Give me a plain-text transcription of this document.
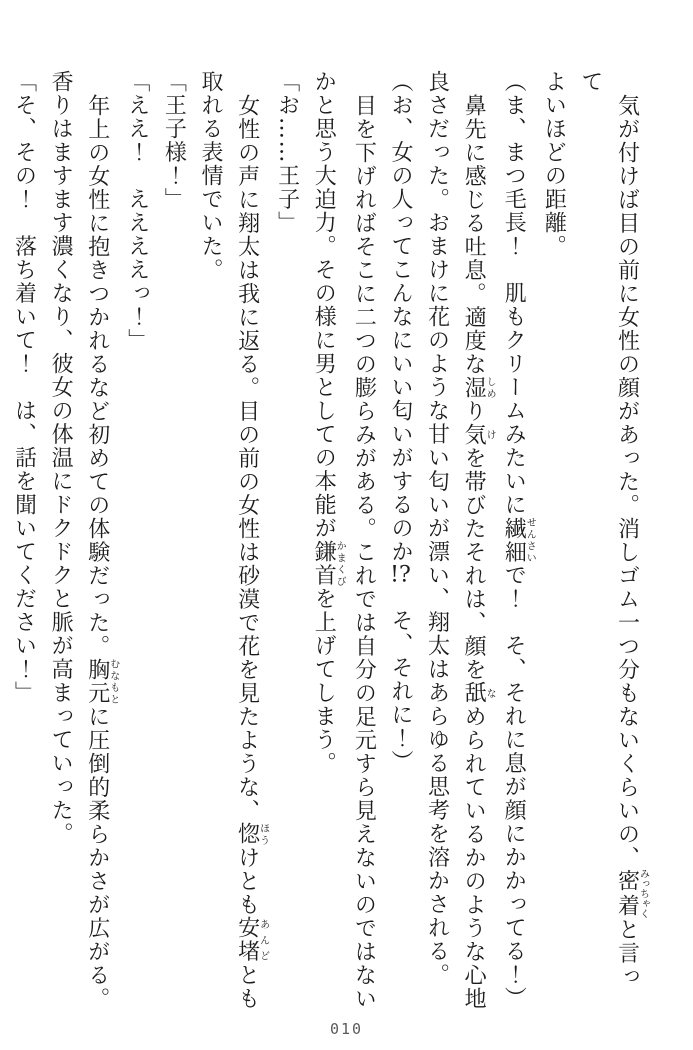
気が付けば目の前に女性の顔があった。消しゴム一つ分もないくらいの、密着みっちゃくと言って
よいほどの距離。
（ま、まつ毛長！　肌もクリームみたいに繊細せんさいで！　そ、それに息が顔にかかってる！）
鼻先に感じる吐息。適度な湿しめり気けを帯びたそれは、顔を舐なめられているかのような心地
良さだった。おまけに花のような甘い匂いが漂い、翔太はあらゆる思考を溶かされる。
（お、女の人ってこんなにいい匂いがするのか!?　そ、それに！）
目を下げればそこに二つの膨らみがある。これでは自分の足元すら見えないのではない
かと思う大迫力。その様に男としての本能が鎌首かまくびを上げてしまう。
「お……王子」
女性の声に翔太は我に返る。目の前の女性は砂漠で花を見たような、惚ほうけとも安堵あんどとも
取れる表情でいた。
「王子様！」
「ええ！　ええええっ！」
年上の女性に抱きつかれるなど初めての体験だった。胸元むなもとに圧倒的柔らかさが広がる。
香りはますます濃くなり、彼女の体温にドクドクと脈が高まっていった。
「そ、その！　落ち着いて！　は、話を聞いてください！」
010
